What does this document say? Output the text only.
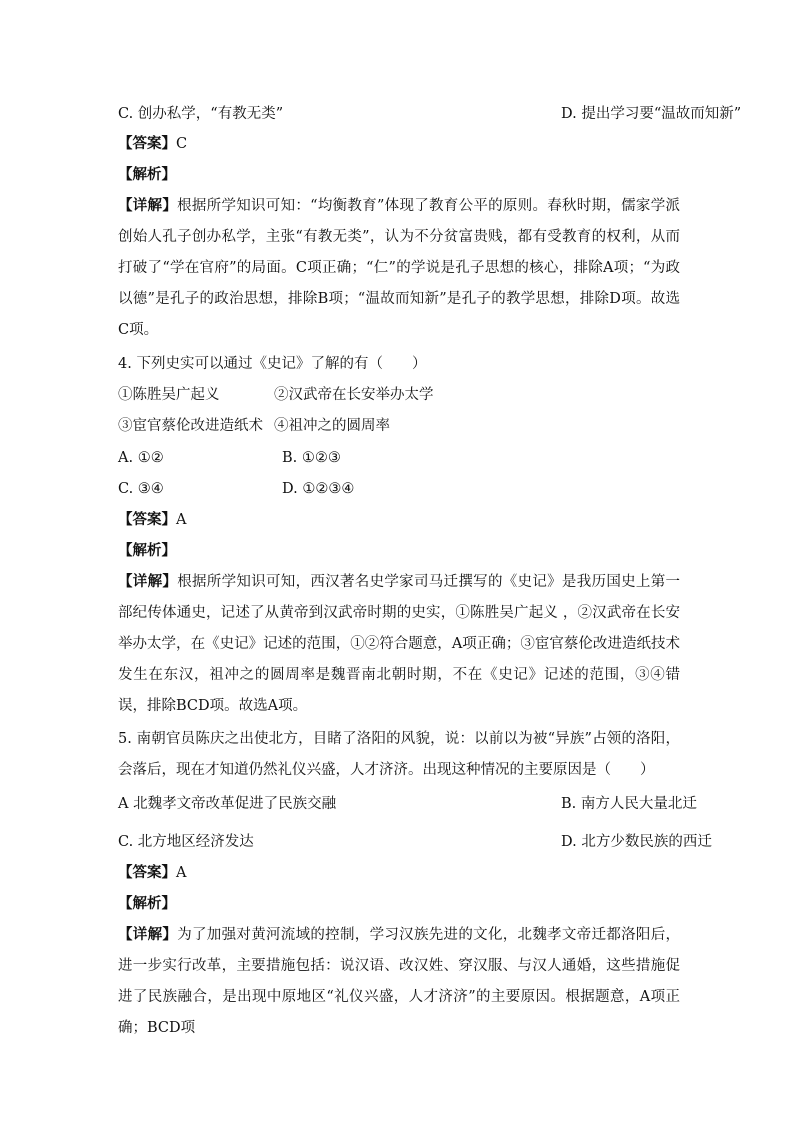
C. 创办私学，“有教无类”	D. 提出学习要“温故而知新”
【答案】C
【解析】
【详解】根据所学知识可知：“均衡教育”体现了教育公平的原则。春秋时期，儒家学派创始人孔子创办私学，主张“有教无类”，认为不分贫富贵贱，都有受教育的权利，从而打破了“学在官府”的局面。C项正确；“仁”的学说是孔子思想的核心，排除A项；“为政以德”是孔子的政治思想，排除B项；“温故而知新”是孔子的教学思想，排除D项。故选C项。
4. 下列史实可以通过《史记》了解的有（　　）
①陈胜吴广起义	②汉武帝在长安举办太学
③宦官蔡伦改进造纸术 ④祖冲之的圆周率
A. ①②	B. ①②③
C. ③④	D. ①②③④
【答案】A
【解析】
【详解】根据所学知识可知，西汉著名史学家司马迁撰写的《史记》是我历国史上第一部纪传体通史，记述了从黄帝到汉武帝时期的史实，①陈胜吴广起义 ，②汉武帝在长安举办太学，在《史记》记述的范围，①②符合题意，A项正确；③宦官蔡伦改进造纸技术发生在东汉，祖冲之的圆周率是魏晋南北朝时期，不在《史记》记述的范围，③④错误，排除BCD项。故选A项。
5. 南朝官员陈庆之出使北方，目睹了洛阳的风貌，说：以前以为被“异族”占领的洛阳，会落后，现在才知道仍然礼仪兴盛，人才济济。出现这种情况的主要原因是（　　）
A 北魏孝文帝改革促进了民族交融	B. 南方人民大量北迁
C. 北方地区经济发达	D. 北方少数民族的西迁
【答案】A
【解析】
【详解】为了加强对黄河流域的控制，学习汉族先进的文化，北魏孝文帝迁都洛阳后，进一步实行改革，主要措施包括：说汉语、改汉姓、穿汉服、与汉人通婚，这些措施促进了民族融合，是出现中原地区“礼仪兴盛，人才济济”的主要原因。根据题意，A项正确；BCD项
